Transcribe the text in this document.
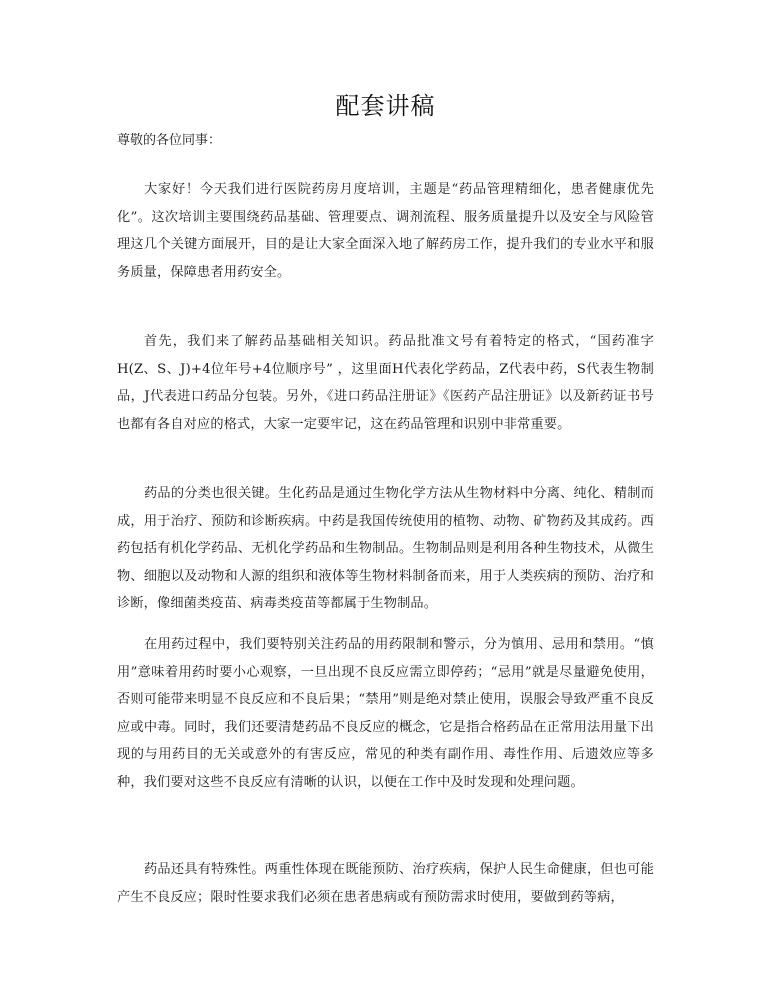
配套讲稿

尊敬的各位同事：

大家好！今天我们进行医院药房月度培训，主题是“药品管理精细化，患者健康优先化”。这次培训主要围绕药品基础、管理要点、调剂流程、服务质量提升以及安全与风险管理这几个关键方面展开，目的是让大家全面深入地了解药房工作，提升我们的专业水平和服务质量，保障患者用药安全。

首先，我们来了解药品基础相关知识。药品批准文号有着特定的格式，“国药准字H(Z、S、J)+4位年号+4位顺序号” ，这里面H代表化学药品，Z代表中药，S代表生物制品，J代表进口药品分包装。另外，《进口药品注册证》《医药产品注册证》以及新药证书号也都有各自对应的格式，大家一定要牢记，这在药品管理和识别中非常重要。

药品的分类也很关键。生化药品是通过生物化学方法从生物材料中分离、纯化、精制而成，用于治疗、预防和诊断疾病。中药是我国传统使用的植物、动物、矿物药及其成药。西药包括有机化学药品、无机化学药品和生物制品。生物制品则是利用各种生物技术，从微生物、细胞以及动物和人源的组织和液体等生物材料制备而来，用于人类疾病的预防、治疗和诊断，像细菌类疫苗、病毒类疫苗等都属于生物制品。

在用药过程中，我们要特别关注药品的用药限制和警示，分为慎用、忌用和禁用。“慎用”意味着用药时要小心观察，一旦出现不良反应需立即停药；“忌用”就是尽量避免使用，否则可能带来明显不良反应和不良后果；“禁用”则是绝对禁止使用，误服会导致严重不良反应或中毒。同时，我们还要清楚药品不良反应的概念，它是指合格药品在正常用法用量下出现的与用药目的无关或意外的有害反应，常见的种类有副作用、毒性作用、后遗效应等多种，我们要对这些不良反应有清晰的认识，以便在工作中及时发现和处理问题。

药品还具有特殊性。两重性体现在既能预防、治疗疾病，保护人民生命健康，但也可能产生不良反应；限时性要求我们必须在患者患病或有预防需求时使用，要做到药等病，
